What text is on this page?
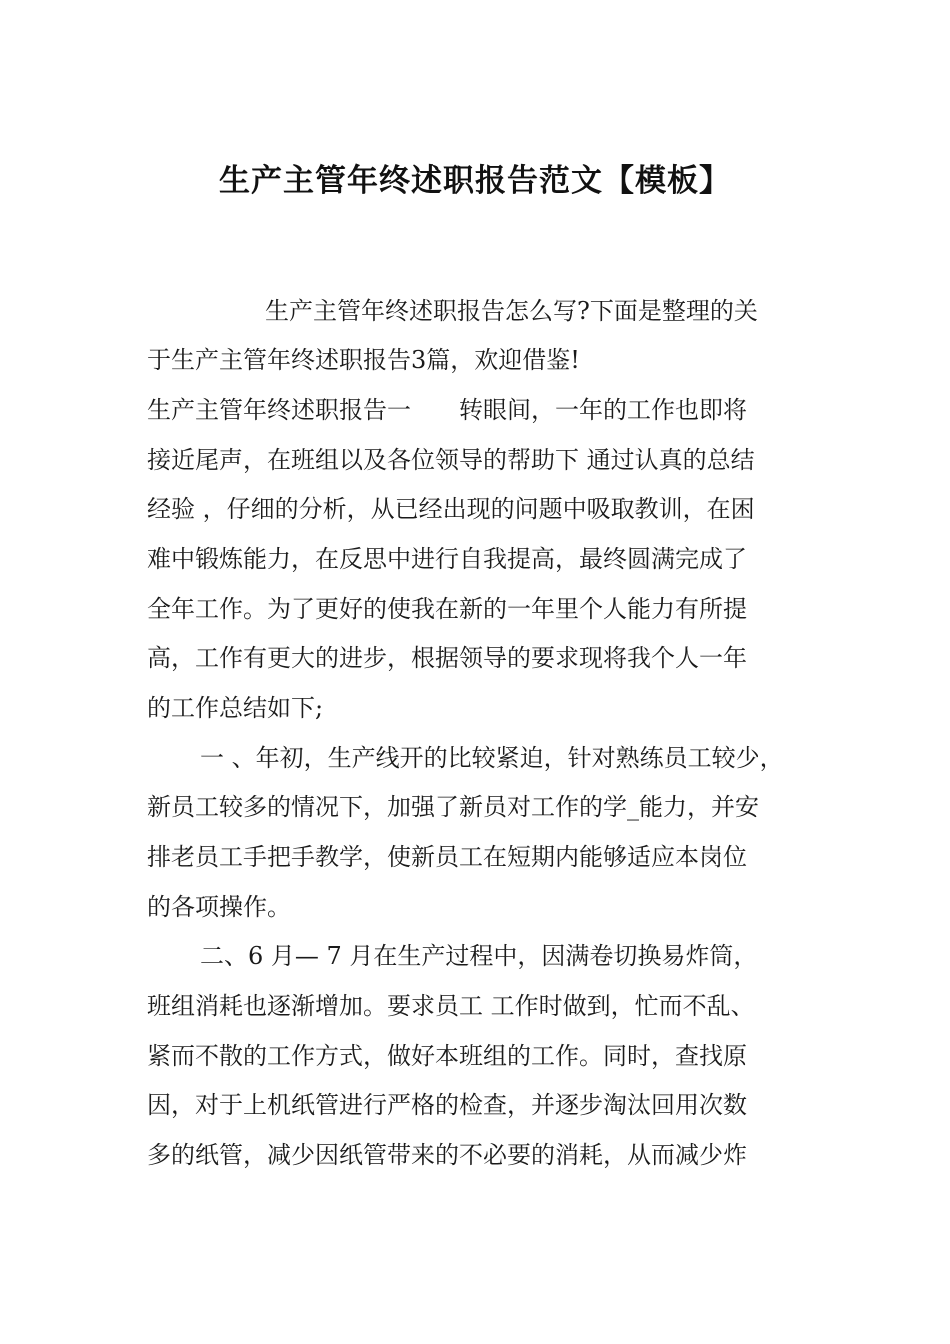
生产主管年终述职报告范文【模板】
生产主管年终述职报告怎么写?下面是整理的关
于生产主管年终述职报告3篇，欢迎借鉴!
生产主管年终述职报告一　　转眼间，一年的工作也即将
接近尾声，在班组以及各位领导的帮助下 通过认真的总结
经验 ，仔细的分析，从已经出现的问题中吸取教训，在困
难中锻炼能力，在反思中进行自我提高，最终圆满完成了
全年工作。为了更好的使我在新的一年里个人能力有所提
高，工作有更大的进步，根据领导的要求现将我个人一年
的工作总结如下;
一 、年初，生产线开的比较紧迫，针对熟练员工较少，
新员工较多的情况下，加强了新员对工作的学_能力，并安
排老员工手把手教学，使新员工在短期内能够适应本岗位
的各项操作。
二、6 月— 7 月在生产过程中，因满卷切换易炸筒，
班组消耗也逐渐增加。要求员工 工作时做到，忙而不乱、
紧而不散的工作方式，做好本班组的工作。同时，查找原
因，对于上机纸管进行严格的检查，并逐步淘汰回用次数
多的纸管，减少因纸管带来的不必要的消耗，从而减少炸
